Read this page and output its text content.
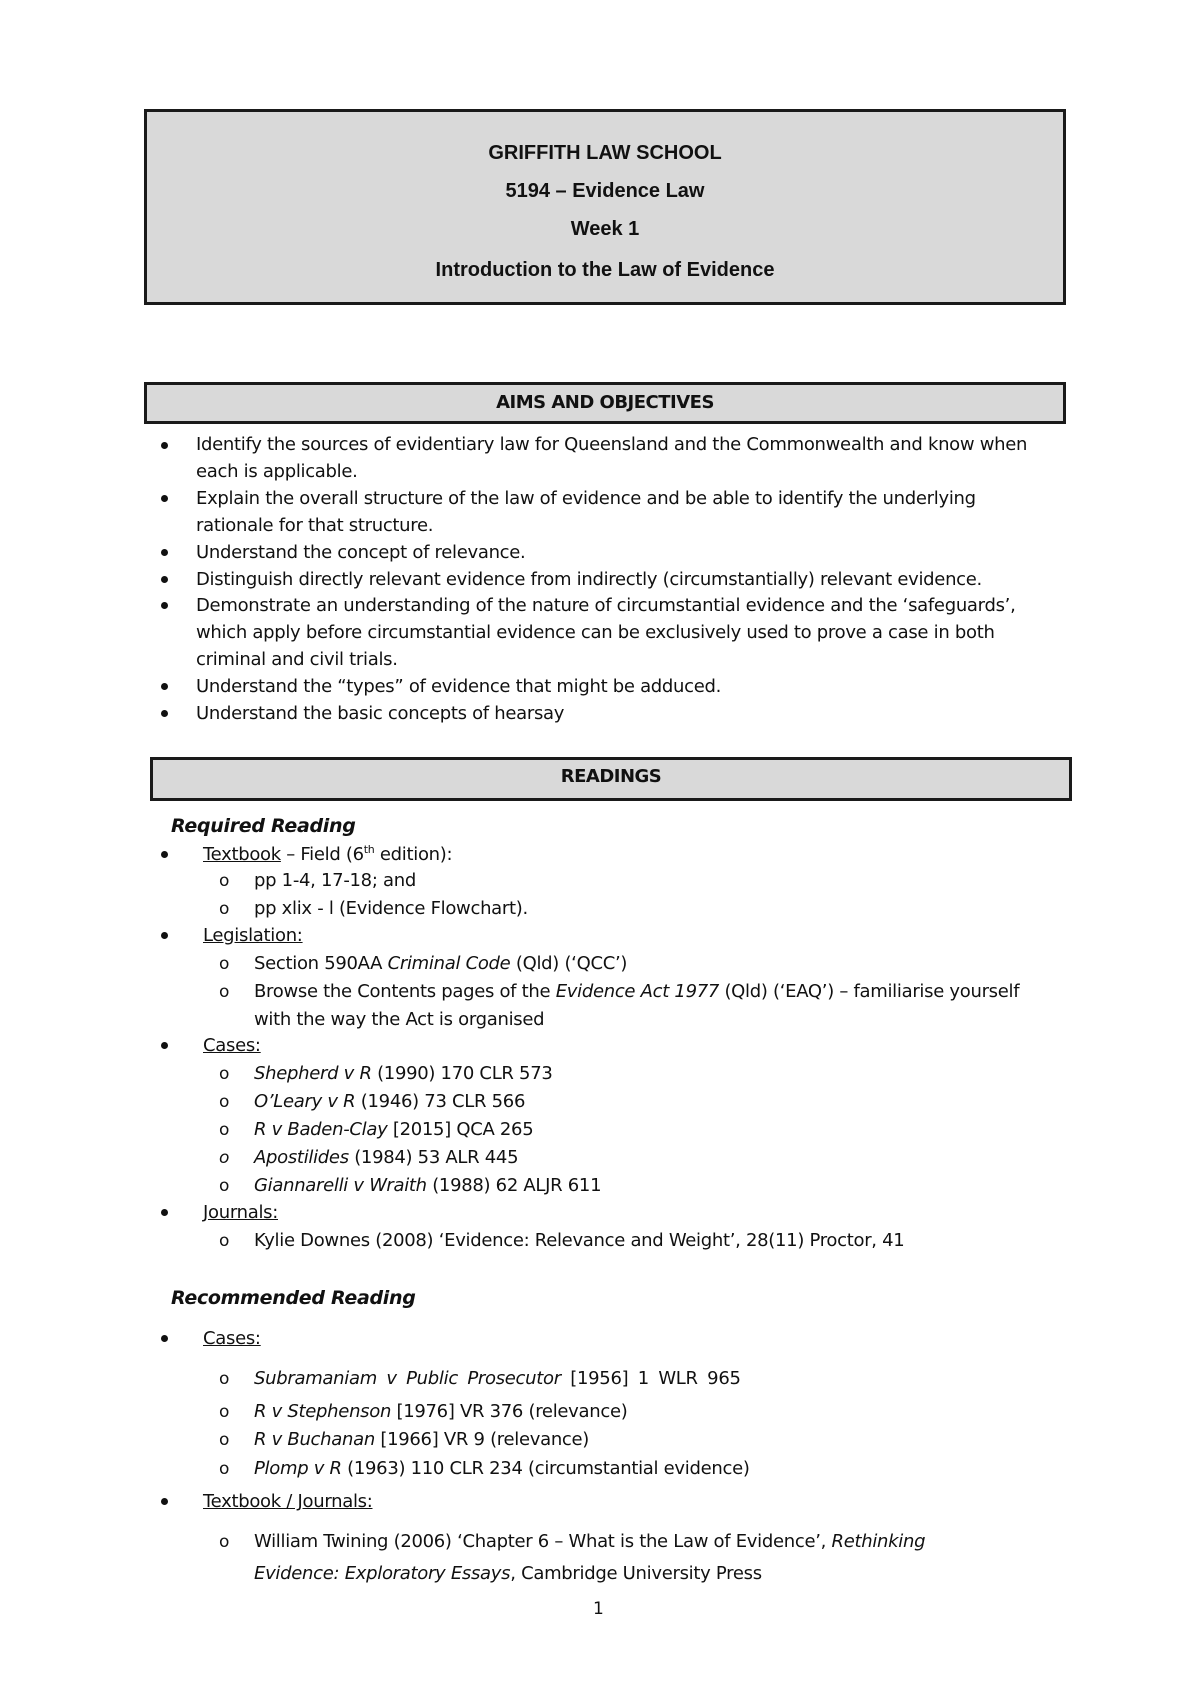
GRIFFITH LAW SCHOOL
5194 – Evidence Law
Week 1
Introduction to the Law of Evidence
AIMS AND OBJECTIVES
Identify the sources of evidentiary law for Queensland and the Commonwealth and know when
each is applicable.
Explain the overall structure of the law of evidence and be able to identify the underlying
rationale for that structure.
Understand the concept of relevance.
Distinguish directly relevant evidence from indirectly (circumstantially) relevant evidence.
Demonstrate an understanding of the nature of circumstantial evidence and the ‘safeguards’,
which apply before circumstantial evidence can be exclusively used to prove a case in both
criminal and civil trials.
Understand the “types” of evidence that might be adduced.
Understand the basic concepts of hearsay
READINGS
Required Reading
Textbook – Field (6th edition):
o pp 1-4, 17-18; and
o pp xlix - l (Evidence Flowchart).
Legislation:
o Section 590AA Criminal Code (Qld) (‘QCC’)
o Browse the Contents pages of the Evidence Act 1977 (Qld) (‘EAQ’) – familiarise yourself
with the way the Act is organised
Cases:
o Shepherd v R (1990) 170 CLR 573
o O’Leary v R (1946) 73 CLR 566
o R v Baden-Clay [2015] QCA 265
o Apostilides (1984) 53 ALR 445
o Giannarelli v Wraith (1988) 62 ALJR 611
Journals:
o Kylie Downes (2008) ‘Evidence: Relevance and Weight’, 28(11) Proctor, 41
Recommended Reading
Cases:
o Subramaniam v Public Prosecutor [1956] 1 WLR 965
o R v Stephenson [1976] VR 376 (relevance)
o R v Buchanan [1966] VR 9 (relevance)
o Plomp v R (1963) 110 CLR 234 (circumstantial evidence)
Textbook / Journals:
o William Twining (2006) ‘Chapter 6 – What is the Law of Evidence’, Rethinking
Evidence: Exploratory Essays, Cambridge University Press
1
